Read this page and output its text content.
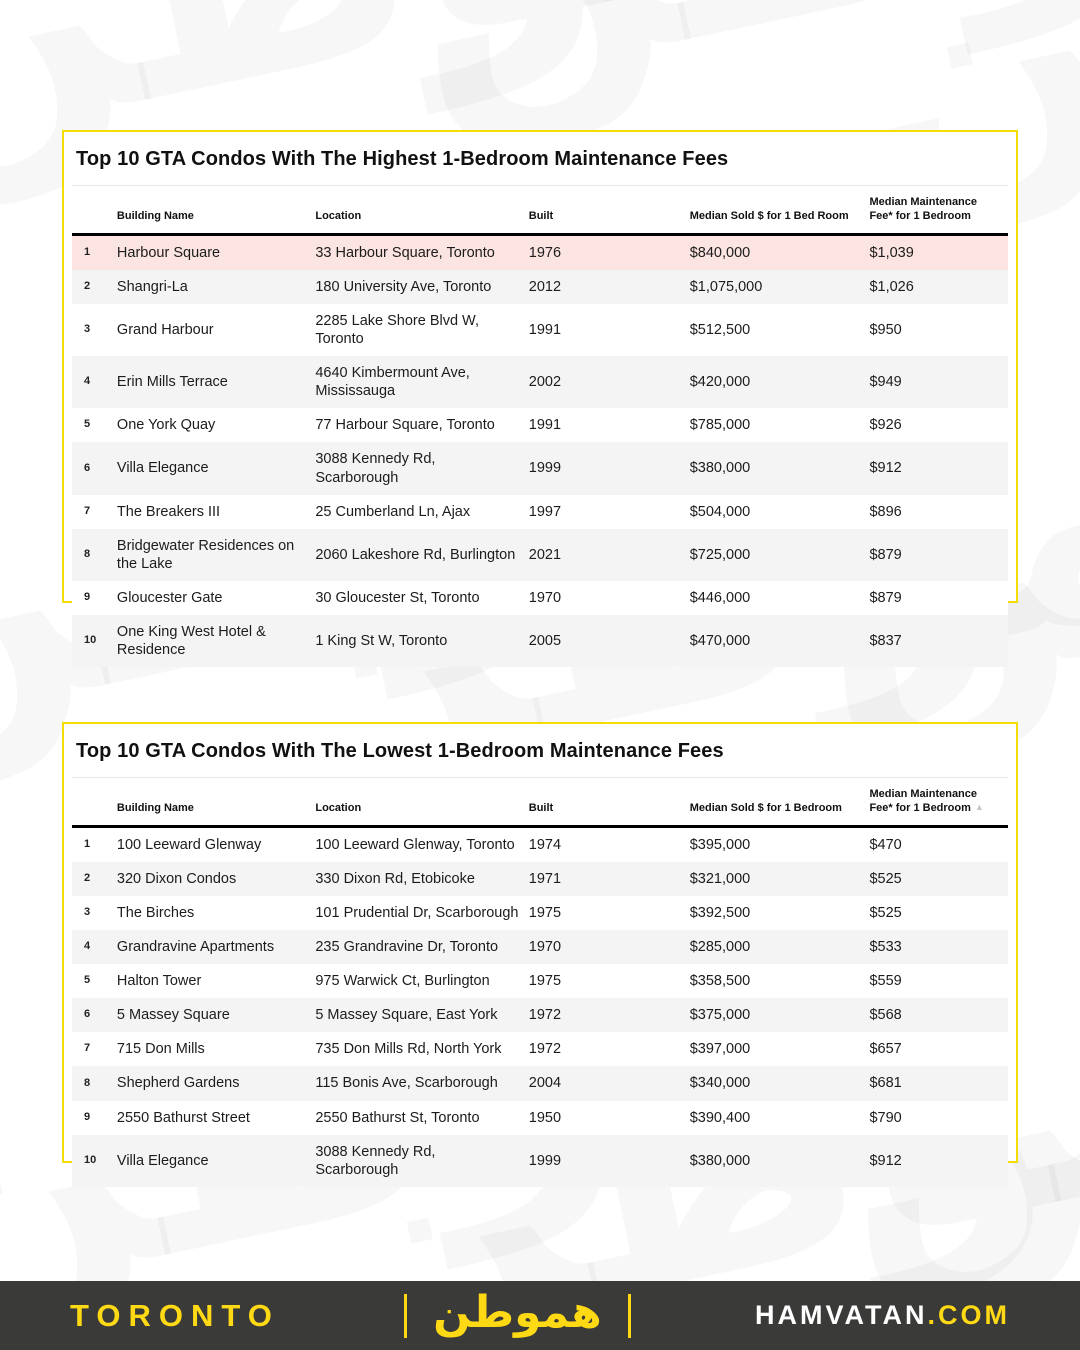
Top 10 GTA Condos With The Highest 1-Bedroom Maintenance Fees
	Building Name	Location	Built	Median Sold $ for 1 Bed Room	Median Maintenance Fee* for 1 Bedroom
1	Harbour Square	33 Harbour Square, Toronto	1976	$840,000	$1,039
2	Shangri-La	180 University Ave, Toronto	2012	$1,075,000	$1,026
3	Grand Harbour	2285 Lake Shore Blvd W, Toronto	1991	$512,500	$950
4	Erin Mills Terrace	4640 Kimbermount Ave, Mississauga	2002	$420,000	$949
5	One York Quay	77 Harbour Square, Toronto	1991	$785,000	$926
6	Villa Elegance	3088 Kennedy Rd, Scarborough	1999	$380,000	$912
7	The Breakers III	25 Cumberland Ln, Ajax	1997	$504,000	$896
8	Bridgewater Residences on the Lake	2060 Lakeshore Rd, Burlington	2021	$725,000	$879
9	Gloucester Gate	30 Gloucester St, Toronto	1970	$446,000	$879
10	One King West Hotel & Residence	1 King St W, Toronto	2005	$470,000	$837
Top 10 GTA Condos With The Lowest 1-Bedroom Maintenance Fees
	Building Name	Location	Built	Median Sold $ for 1 Bedroom	Median Maintenance Fee* for 1 Bedroom ▲
1	100 Leeward Glenway	100 Leeward Glenway, Toronto	1974	$395,000	$470
2	320 Dixon Condos	330 Dixon Rd, Etobicoke	1971	$321,000	$525
3	The Birches	101 Prudential Dr, Scarborough	1975	$392,500	$525
4	Grandravine Apartments	235 Grandravine Dr, Toronto	1970	$285,000	$533
5	Halton Tower	975 Warwick Ct, Burlington	1975	$358,500	$559
6	5 Massey Square	5 Massey Square, East York	1972	$375,000	$568
7	715 Don Mills	735 Don Mills Rd, North York	1972	$397,000	$657
8	Shepherd Gardens	115 Bonis Ave, Scarborough	2004	$340,000	$681
9	2550 Bathurst Street	2550 Bathurst St, Toronto	1950	$390,400	$790
10	Villa Elegance	3088 Kennedy Rd, Scarborough	1999	$380,000	$912
TORONTO	هموطن	HAMVATAN.COM
